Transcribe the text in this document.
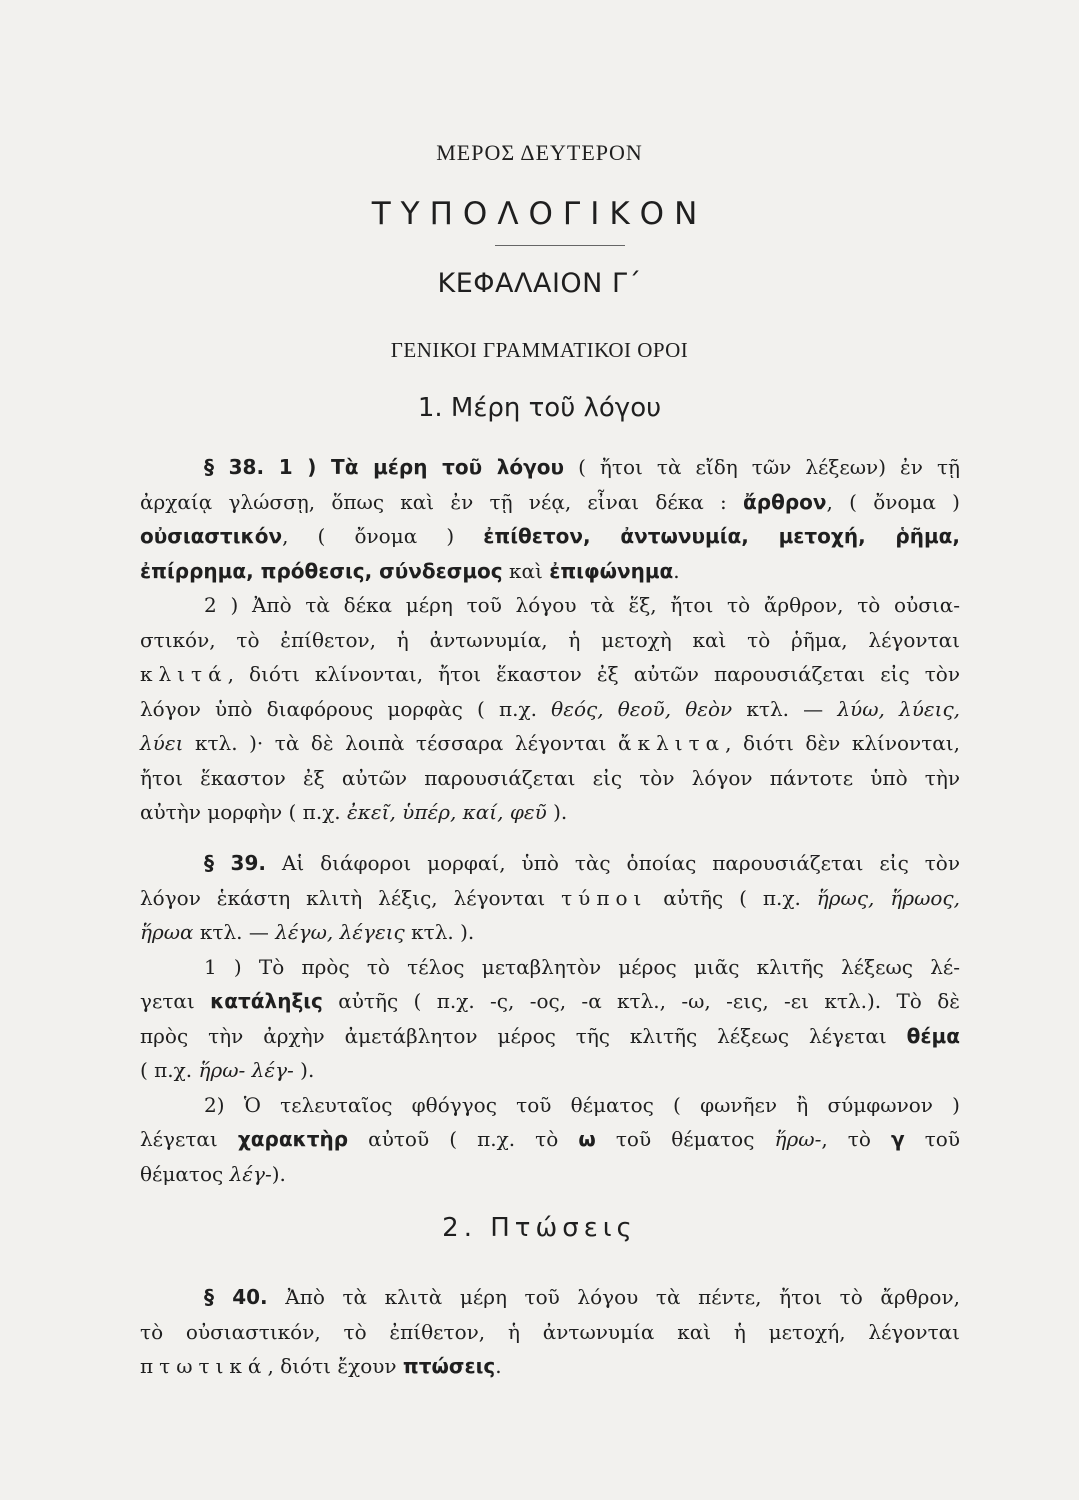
ΜΕΡΟΣ ΔΕΥΤΕΡΟΝ
ΤΥΠΟΛΟΓΙΚΟΝ
ΚΕΦΑΛΑΙΟΝ Γ΄
ΓΕΝΙΚΟΙ ΓΡΑΜΜΑΤΙΚΟΙ ΟΡΟΙ
1. Μέρη τοῦ λόγου
§ 38. 1 ) Τὰ μέρη τοῦ λόγου ( ἤτοι τὰ εἴδη τῶν λέξεων) ἐν τῇ
ἀρχαίᾳ γλώσσῃ, ὅπως καὶ ἐν τῇ νέᾳ, εἶναι δέκα : ἄρθρον, ( ὄνομα )
οὐσιαστικόν, ( ὄνομα ) ἐπίθετον, ἀντωνυμία, μετοχή, ῥῆμα,
ἐπίρρημα, πρόθεσις, σύνδεσμος καὶ ἐπιφώνημα.
2 ) Ἀπὸ τὰ δέκα μέρη τοῦ λόγου τὰ ἕξ, ἤτοι τὸ ἄρθρον, τὸ οὐσια-
στικόν, τὸ ἐπίθετον, ἡ ἀντωνυμία, ἡ μετοχὴ καὶ τὸ ῥῆμα, λέγονται
κλιτά, διότι κλίνονται, ἤτοι ἕκαστον ἐξ αὐτῶν παρουσιάζεται εἰς τὸν
λόγον ὑπὸ διαφόρους μορφὰς ( π.χ. θεός, θεοῦ, θεὸν κτλ. — λύω, λύεις,
λύει κτλ. )· τὰ δὲ λοιπὰ τέσσαρα λέγονται ἄκλιτα, διότι δὲν κλίνονται,
ἤτοι ἕκαστον ἐξ αὐτῶν παρουσιάζεται εἰς τὸν λόγον πάντοτε ὑπὸ τὴν
αὐτὴν μορφὴν ( π.χ. ἐκεῖ, ὑπέρ, καί, φεῦ ).
§ 39. Αἱ διάφοροι μορφαί, ὑπὸ τὰς ὁποίας παρουσιάζεται εἰς τὸν
λόγον ἑκάστη κλιτὴ λέξις, λέγονται τύποι αὐτῆς ( π.χ. ἥρως, ἥρωος,
ἥρωα κτλ. — λέγω, λέγεις κτλ. ).
1 ) Τὸ πρὸς τὸ τέλος μεταβλητὸν μέρος μιᾶς κλιτῆς λέξεως λέ-
γεται κατάληξις αὐτῆς ( π.χ. -ς, -ος, -α κτλ., -ω, -εις, -ει κτλ.). Τὸ δὲ
πρὸς τὴν ἀρχὴν ἀμετάβλητον μέρος τῆς κλιτῆς λέξεως λέγεται θέμα
( π.χ. ἥρω- λέγ- ).
2) Ὁ τελευταῖος φθόγγος τοῦ θέματος ( φωνῆεν ἢ σύμφωνον )
λέγεται χαρακτὴρ αὐτοῦ ( π.χ. τὸ ω τοῦ θέματος ἥρω-, τὸ γ τοῦ
θέματος λέγ-).
2. Πτώσεις
§ 40. Ἀπὸ τὰ κλιτὰ μέρη τοῦ λόγου τὰ πέντε, ἤτοι τὸ ἄρθρον,
τὸ οὐσιαστικόν, τὸ ἐπίθετον, ἡ ἀντωνυμία καὶ ἡ μετοχή, λέγονται
πτωτικά, διότι ἔχουν πτώσεις.
